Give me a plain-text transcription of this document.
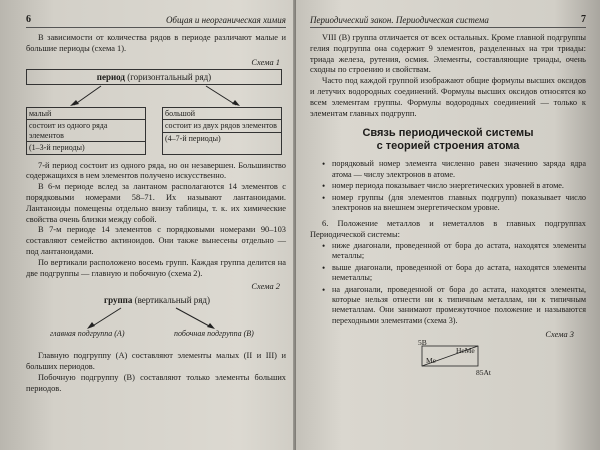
6	Общая и неорганическая химия

В зависимости от количества рядов в периоде различают малые и большие периоды (схема 1).

Схема 1
период (горизонтальный ряд)
малый
состоит из одного ряда элементов
(1–3-й периоды)
большой
состоит из двух рядов элементов
(4–7-й периоды)

7-й период состоит из одного ряда, но он незавершен. Большинство содержащихся в нем элементов получено искусственно.

В 6-м периоде вслед за лантаном располагаются 14 элементов с порядковыми номерами 58–71. Их называют лантаноидами. Лантаноиды помещены отдельно внизу таблицы, т. к. их химические свойства очень близки между собой.

В 7-м периоде 14 элементов с порядковыми номерами 90–103 составляют семейство актиноидов. Они также вынесены отдельно — под лантаноидами.

По вертикали расположено восемь групп. Каждая группа делится на две подгруппы — главную и побочную (схема 2).

Схема 2
группа (вертикальный ряд)
главная подгруппа (А)	побочная подгруппа (В)

Главную подгруппу (А) составляют элементы малых (II и III) и больших периодов.

Побочную подгруппу (В) составляют только элементы больших периодов.

Периодический закон. Периодическая система	7

VIII (В) группа отличается от всех остальных. Кроме главной подгруппы гелия подгруппа она содержит 9 элементов, разделенных на три триады: триада железа, рутения, осмия. Элементы, составляющие триады, очень сходны по строению и свойствам.

Часто под каждой группой изображают общие формулы высших оксидов и летучих водородных соединений. Формулы высших оксидов относятся ко всем элементам группы. Формулы водородных соединений — только к элементам главных подгрупп.

Связь периодической системы
с теорией строения атома
• порядковый номер элемента численно равен значению заряда ядра атома — числу электронов в атоме.
• номер периода показывает число энергетических уровней в атоме.
• номер группы (для элементов главных подгрупп) показывает число электронов на внешнем энергетическом уровне.

6. Положение металлов и неметаллов в главных подгруппах Периодической системы:

• ниже диагонали, проведенной от бора до астата, находятся элементы металлы;
• выше диагонали, проведенной от бора до астата, находятся элементы неметаллы;
• на диагонали, проведенной от бора до астата, находятся элементы, которые нельзя отнести ни к типичным металлам, ни к типичным неметаллам. Они занимают промежуточное положение и называются переходными элементами (схема 3).
Схема 3
5B
НеМе
Ме
85At
